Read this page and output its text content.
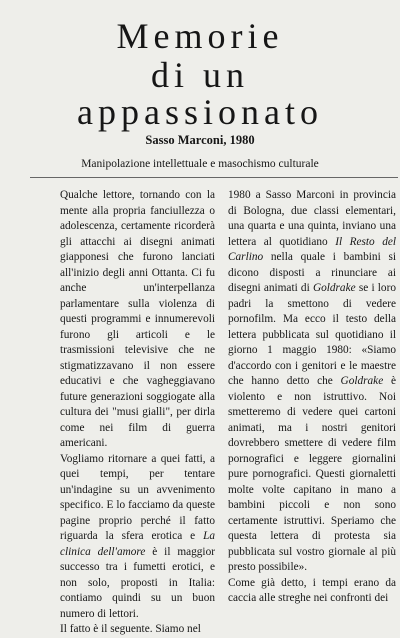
Memorie
di un
appassionato
Sasso Marconi, 1980
Manipolazione intellettuale e masochismo culturale

Qualche lettore, tornando con la mente alla propria fanciullezza o adolescenza, certamente ricorderà gli attacchi ai disegni animati giapponesi che furono lanciati all'inizio degli anni Ottanta. Ci fu anche un'interpellanza parlamentare sulla violenza di questi programmi e innumerevoli furono gli articoli e le trasmissioni televisive che ne stigmatizzavano il non essere educativi e che vagheggiavano future generazioni soggiogate alla cultura dei "musi gialli", per dirla come nei film di guerra americani.

Vogliamo ritornare a quei fatti, a quei tempi, per tentare un'indagine su un avvenimento specifico. E lo facciamo da queste pagine proprio perché il fatto riguarda la sfera erotica e La clinica dell'amore è il maggior successo tra i fumetti erotici, e non solo, proposti in Italia: contiamo quindi su un buon numero di lettori.

Il fatto è il seguente. Siamo nel

1980 a Sasso Marconi in provincia di Bologna, due classi elementari, una quarta e una quinta, inviano una lettera al quotidiano Il Resto del Carlino nella quale i bambini si dicono disposti a rinunciare ai disegni animati di Goldrake se i loro padri la smettono di vedere pornofilm. Ma ecco il testo della lettera pubblicata sul quotidiano il giorno 1 maggio 1980: «Siamo d'accordo con i genitori e le maestre che hanno detto che Goldrake è violento e non istruttivo. Noi smetteremo di vedere quei cartoni animati, ma i nostri genitori dovrebbero smettere di vedere film pornografici e leggere giornalini pure pornografici. Questi giornaletti molte volte capitano in mano a bambini piccoli e non sono certamente istruttivi. Speriamo che questa lettera di protesta sia pubblicata sul vostro giornale al più presto possibile».

Come già detto, i tempi erano da caccia alle streghe nei confronti dei
